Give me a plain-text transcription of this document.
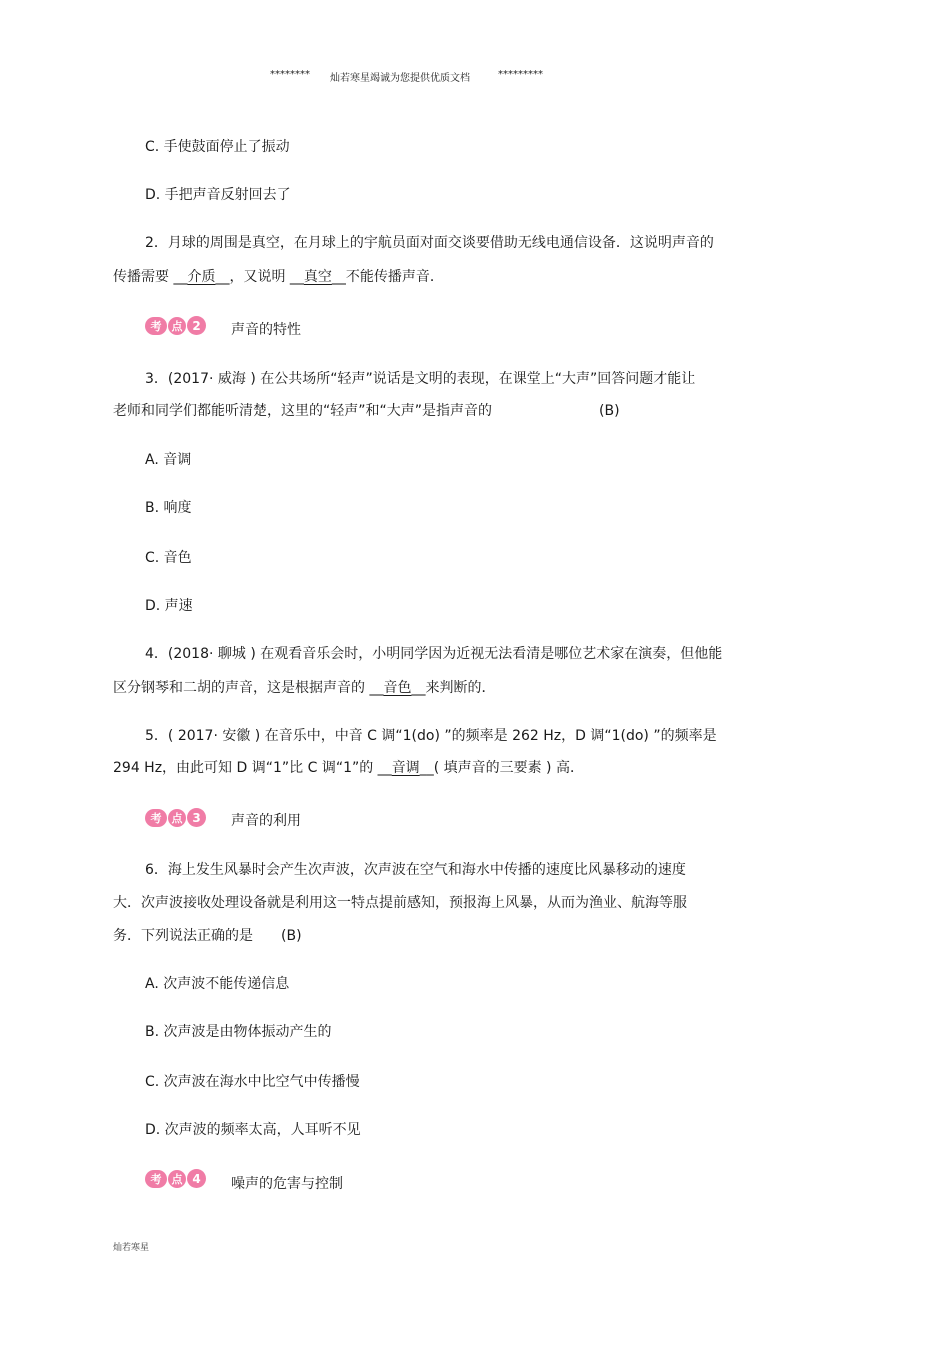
******** 灿若寒星竭诚为您提供优质文档	*********
C. 手使鼓面停止了振动
D. 手把声音反射回去了
2．月球的周围是真空，在月球上的宇航员面对面交谈要借助无线电通信设备．这说明声音的
传播需要 __介质__，又说明 __真空__不能传播声音．
考 点 2	声音的特性
3．(2017· 威海 ) 在公共场所“轻声”说话是文明的表现，在课堂上“大声”回答问题才能让
老师和同学们都能听清楚，这里的“轻声”和“大声”是指声音的	(B)
A. 音调
B. 响度
C. 音色
D. 声速
4．(2018· 聊城 ) 在观看音乐会时，小明同学因为近视无法看清是哪位艺术家在演奏，但他能
区分钢琴和二胡的声音，这是根据声音的 __音色__来判断的．
5．( 2017· 安徽 ) 在音乐中，中音 C 调“1(do) ”的频率是 262 Hz，D 调“1(do) ”的频率是
294 Hz，由此可知 D 调“1”比 C 调“1”的 __音调__( 填声音的三要素 ) 高．
考 点 3	声音的利用
6．海上发生风暴时会产生次声波，次声波在空气和海水中传播的速度比风暴移动的速度
大．次声波接收处理设备就是利用这一特点提前感知，预报海上风暴，从而为渔业、航海等服
务．下列说法正确的是 (B)
A. 次声波不能传递信息
B. 次声波是由物体振动产生的
C. 次声波在海水中比空气中传播慢
D. 次声波的频率太高，人耳听不见
考 点 4	噪声的危害与控制
灿若寒星
